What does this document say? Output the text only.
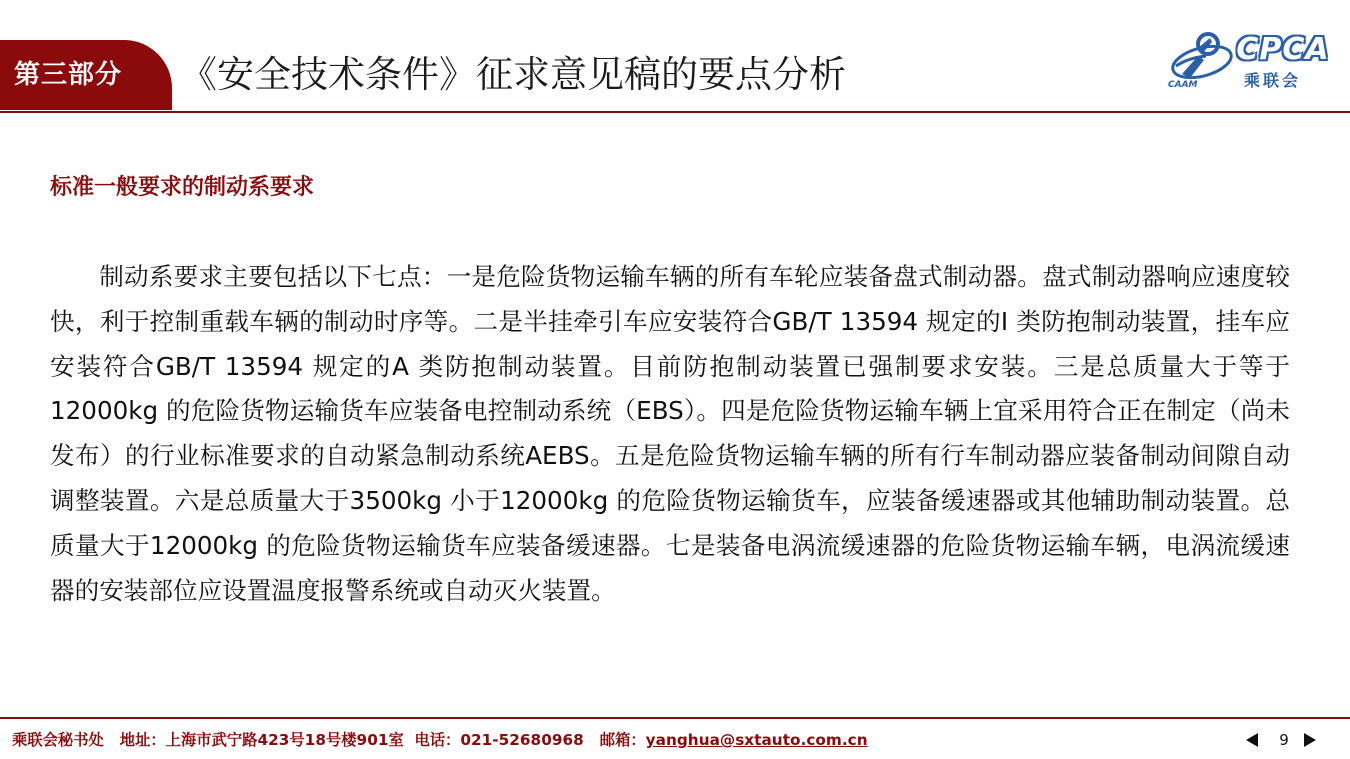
第三部分	《安全技术条件》征求意见稿的要点分析
CPCA
乘联会
CAAM
标准一般要求的制动系要求
制动系要求主要包括以下七点：一是危险货物运输车辆的所有车轮应装备盘式制动器。盘式制动器响应速度较快，利于控制重载车辆的制动时序等。二是半挂牵引车应安装符合GB/T 13594 规定的I 类防抱制动装置，挂车应安装符合GB/T 13594 规定的A 类防抱制动装置。目前防抱制动装置已强制要求安装。三是总质量大于等于12000kg 的危险货物运输货车应装备电控制动系统（EBS）。四是危险货物运输车辆上宜采用符合正在制定（尚未发布）的行业标准要求的自动紧急制动系统AEBS。五是危险货物运输车辆的所有行车制动器应装备制动间隙自动调整装置。六是总质量大于3500kg 小于12000kg 的危险货物运输货车，应装备缓速器或其他辅助制动装置。总质量大于12000kg 的危险货物运输货车应装备缓速器。七是装备电涡流缓速器的危险货物运输车辆，电涡流缓速器的安装部位应设置温度报警系统或自动灭火装置。
乘联会秘书处 地址：上海市武宁路423号18号楼901室 电话：021-52680968 邮箱：yanghua@sxtauto.com.cn	9
